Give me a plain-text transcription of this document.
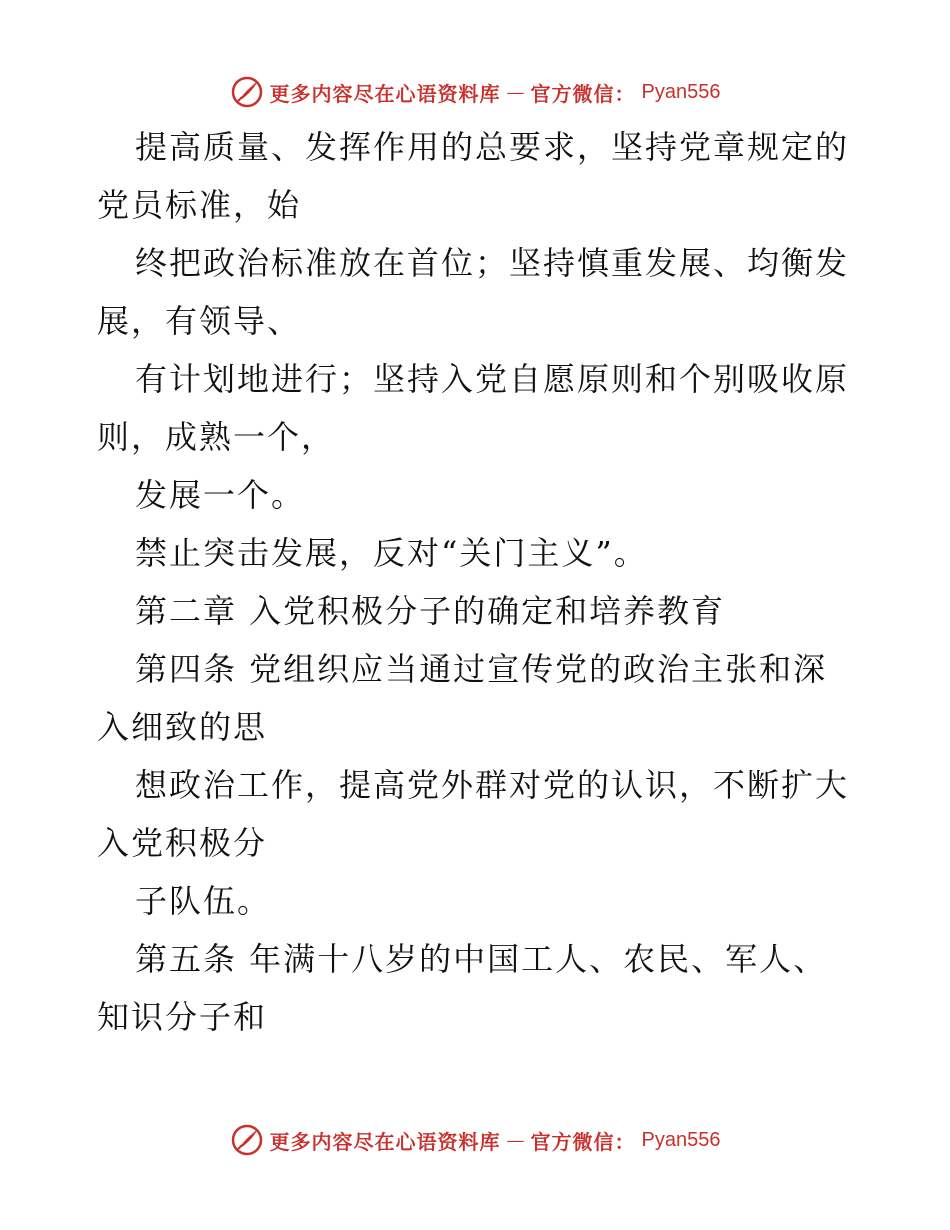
更多内容尽在心语资料库 — 官方微信： Pyan556
提高质量、发挥作用的总要求，坚持党章规定的
党员标准，始
终把政治标准放在首位；坚持慎重发展、均衡发
展，有领导、
有计划地进行；坚持入党自愿原则和个别吸收原
则，成熟一个，
发展一个。
禁止突击发展，反对“关门主义”。
第二章 入党积极分子的确定和培养教育
第四条 党组织应当通过宣传党的政治主张和深
入细致的思
想政治工作，提高党外群对党的认识，不断扩大
入党积极分
子队伍。
第五条 年满十八岁的中国工人、农民、军人、
知识分子和
更多内容尽在心语资料库 — 官方微信： Pyan556
